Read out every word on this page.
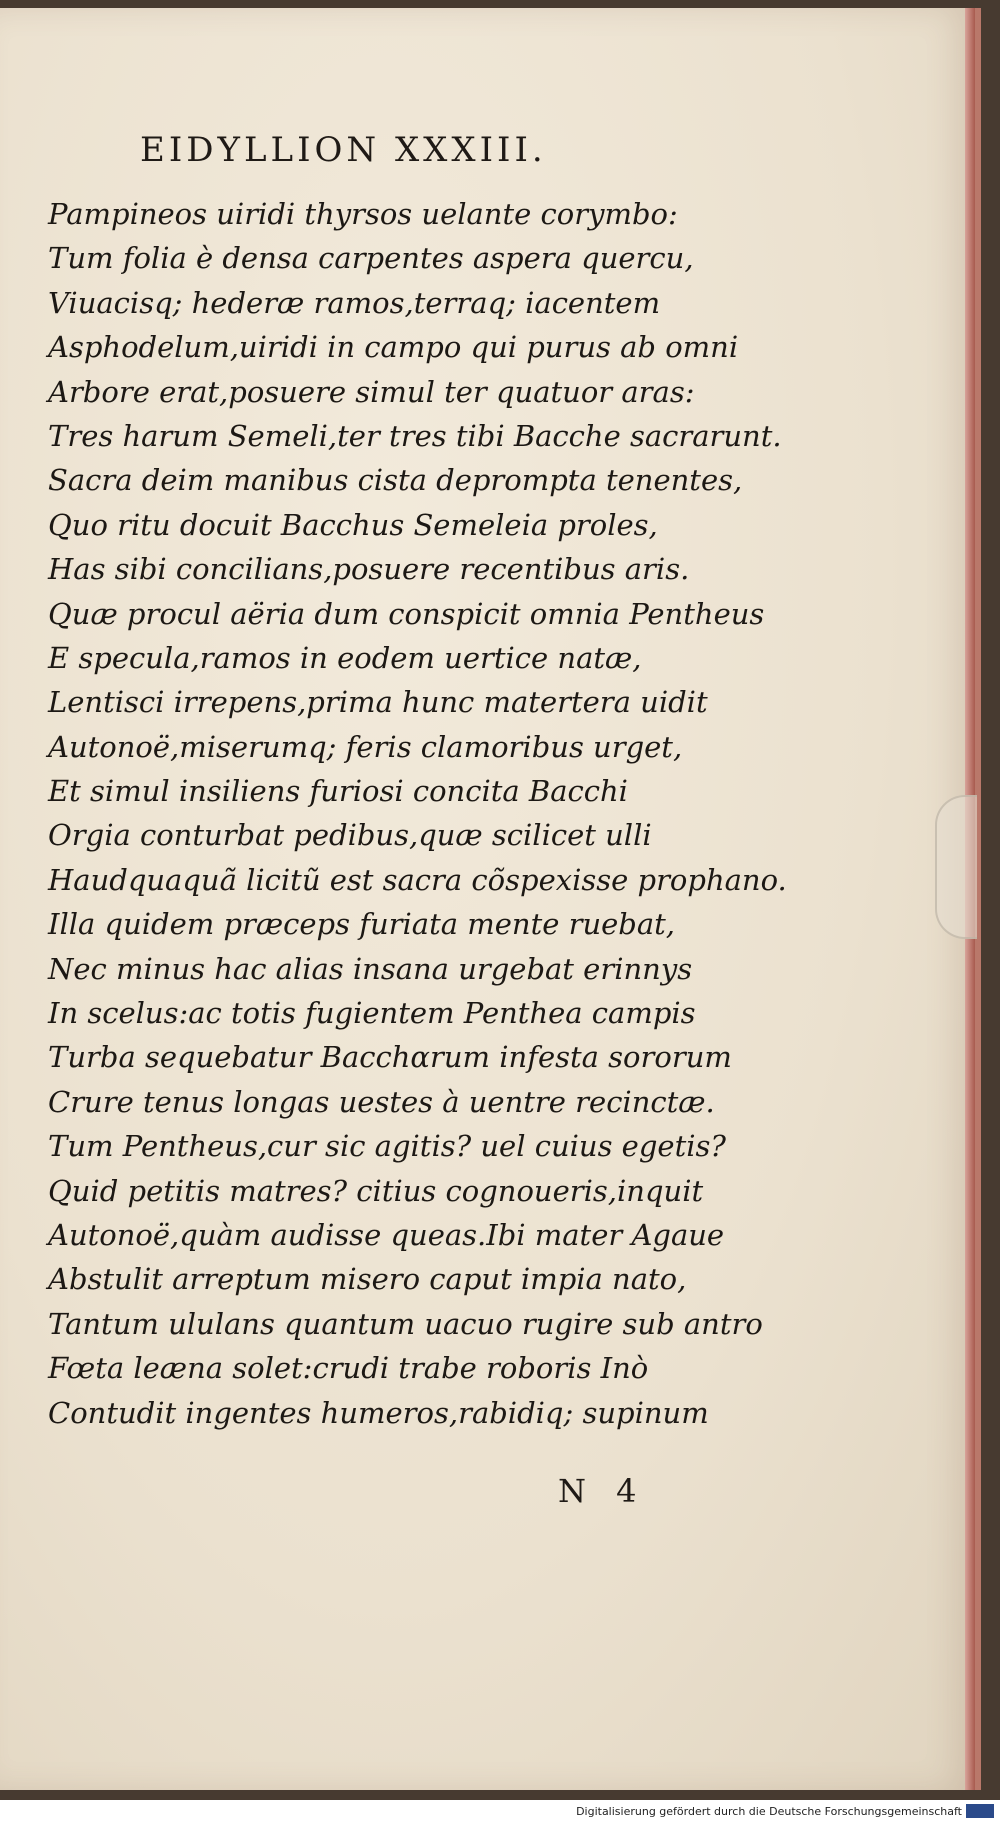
EIDYLLION XXXIII.
Pampineos uiridi thyrsos uelante corymbo:
Tum folia è densa carpentes aspera quercu,
Viuacisq; hederæ ramos,terraq; iacentem
Asphodelum,uiridi in campo qui purus ab omni
Arbore erat,posuere simul ter quatuor aras:
Tres harum Semeli,ter tres tibi Bacche sacrarunt.
Sacra deim manibus cista deprompta tenentes,
Quo ritu docuit Bacchus Semeleia proles,
Has sibi concilians,posuere recentibus aris.
Quæ procul aëria dum conspicit omnia Pentheus
E specula,ramos in eodem uertice natæ,
Lentisci irrepens,prima hunc matertera uidit
Autonoë,miserumq; feris clamoribus urget,
Et simul insiliens furiosi concita Bacchi
Orgia conturbat pedibus,quæ scilicet ulli
Haudquaquã licitũ est sacra cõspexisse prophano.
Illa quidem præceps furiata mente ruebat,
Nec minus hac alias insana urgebat erinnys
In scelus:ac totis fugientem Penthea campis
Turba sequebatur Bacchαrum infesta sororum
Crure tenus longas uestes à uentre recinctæ.
Tum Pentheus,cur sic agitis? uel cuius egetis?
Quid petitis matres? citius cognoueris,inquit
Autonoë,quàm audisse queas.Ibi mater Agaue
Abstulit arreptum misero caput impia nato,
Tantum ululans quantum uacuo rugire sub antro
Fœta leæna solet:crudi trabe roboris Inò
Contudit ingentes humeros,rabidiq; supinum
N 4
Digitalisierung gefördert durch die Deutsche Forschungsgemeinschaft
